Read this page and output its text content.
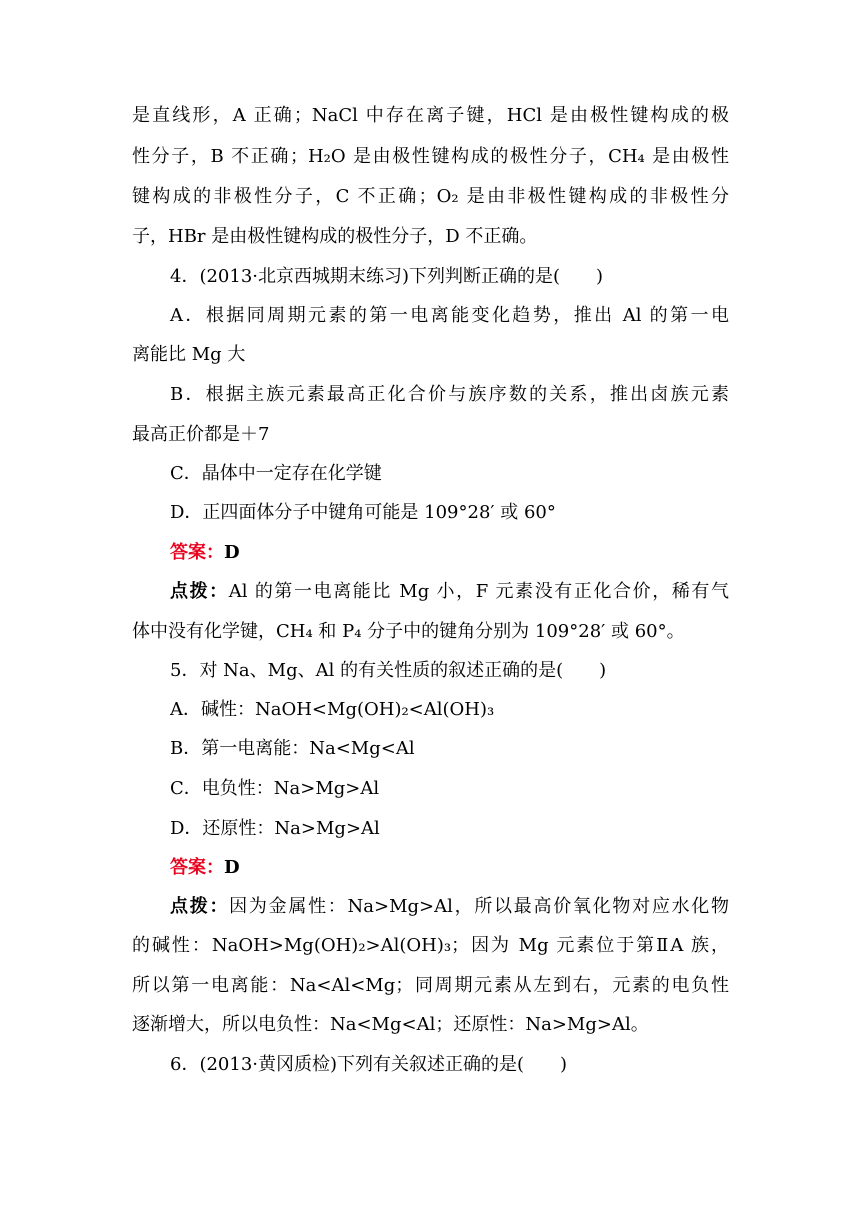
是直线形，A 正确；NaCl 中存在离子键，HCl 是由极性键构成的极
性分子，B 不正确；H₂O 是由极性键构成的极性分子，CH₄ 是由极性
键构成的非极性分子，C 不正确；O₂ 是由非极性键构成的非极性分
子，HBr 是由极性键构成的极性分子，D 不正确。
4．(2013·北京西城期末练习)下列判断正确的是(　　)
A．根据同周期元素的第一电离能变化趋势，推出 Al 的第一电
离能比 Mg 大
B．根据主族元素最高正化合价与族序数的关系，推出卤族元素
最高正价都是＋7
C．晶体中一定存在化学键
D．正四面体分子中键角可能是 109°28′ 或 60°
答案：D
点拨：Al 的第一电离能比 Mg 小，F 元素没有正化合价，稀有气
体中没有化学键，CH₄ 和 P₄ 分子中的键角分别为 109°28′ 或 60°。
5．对 Na、Mg、Al 的有关性质的叙述正确的是(　　)
A．碱性：NaOH<Mg(OH)₂<Al(OH)₃
B．第一电离能：Na<Mg<Al
C．电负性：Na>Mg>Al
D．还原性：Na>Mg>Al
答案：D
点拨：因为金属性：Na>Mg>Al，所以最高价氧化物对应水化物
的碱性：NaOH>Mg(OH)₂>Al(OH)₃；因为 Mg 元素位于第ⅡA 族，
所以第一电离能：Na<Al<Mg；同周期元素从左到右，元素的电负性
逐渐增大，所以电负性：Na<Mg<Al；还原性：Na>Mg>Al。
6．(2013·黄冈质检)下列有关叙述正确的是(　　)
